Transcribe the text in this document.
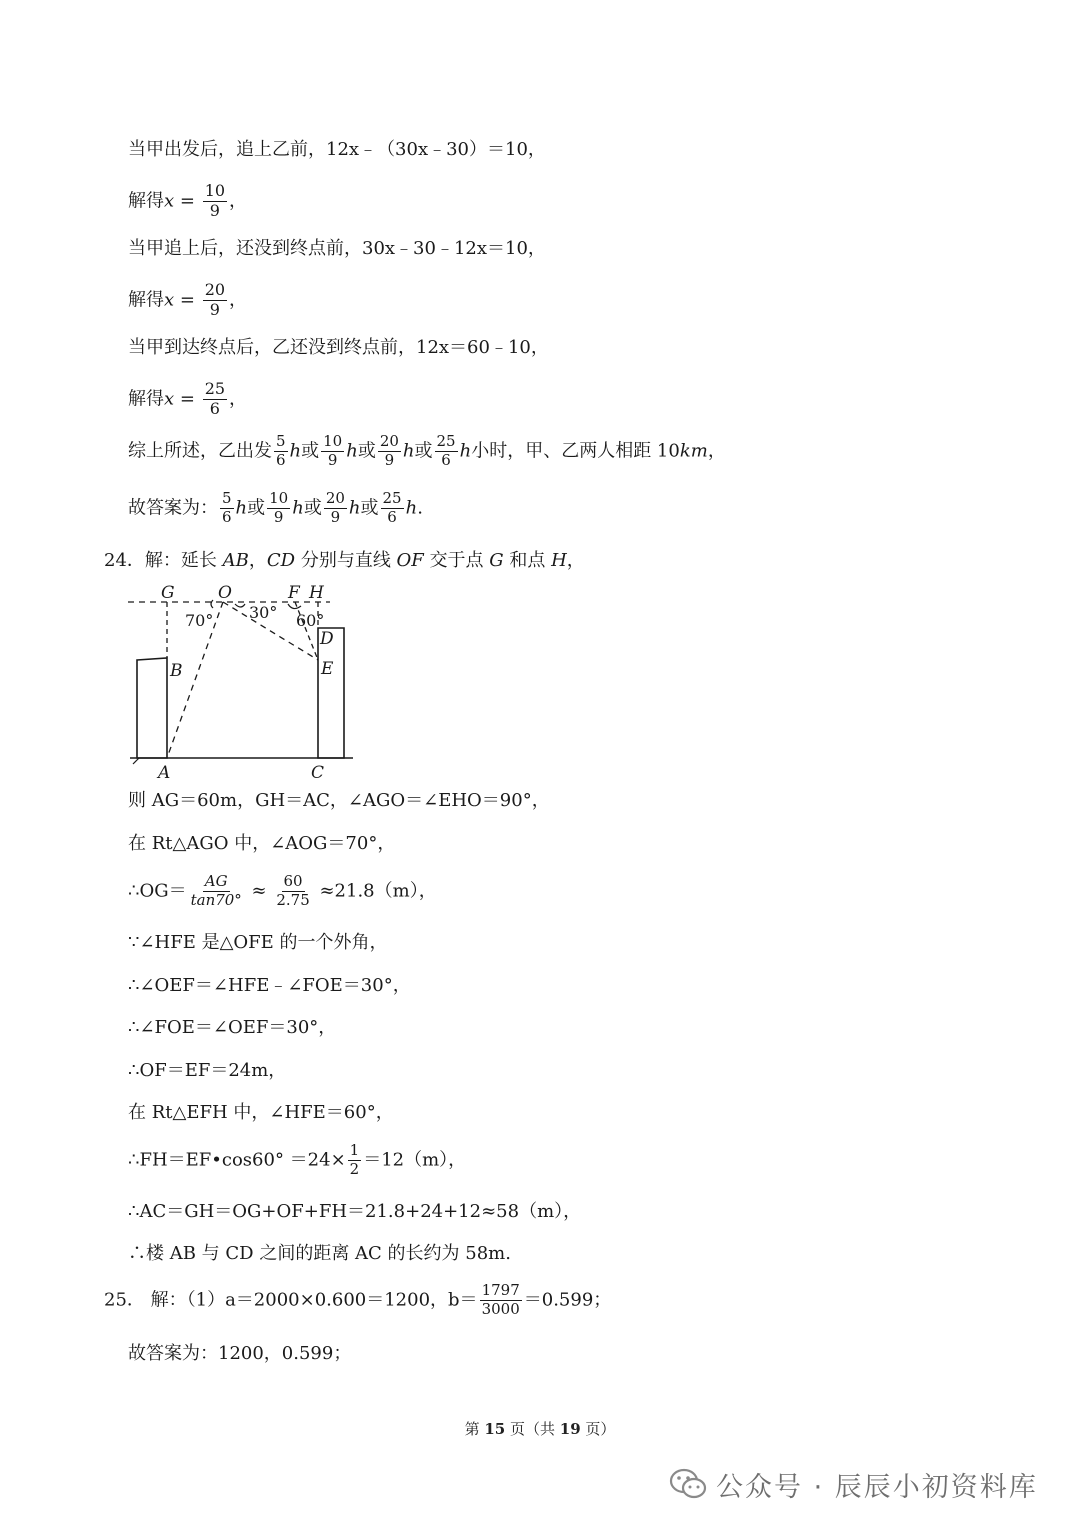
当甲出发后，追上乙前，12x﹣（30x﹣30）＝10，
解得$x = \frac{10}{9}$ ，
当甲追上后，还没到终点前，30x﹣30﹣12x＝10，
解得$x = \frac{20}{9}$ ，
当甲到达终点后，乙还没到终点前，12x＝60﹣10，
解得$x = \frac{25}{6}$ ，
综上所述，乙出发 $\frac{5}{6}$ h或 $\frac{10}{9}$ h或 $\frac{20}{9}$ h或 $\frac{25}{6}$ h小时，甲、乙两人相距 10km，
故答案为： $\frac{5}{6}$ h或 $\frac{10}{9}$ h或 $\frac{20}{9}$ h或 $\frac{25}{6} h$.
24．解：延长 AB，CD 分别与直线 OF 交于点 G 和点 H，
G	O	F H
D
E
B
A	C
70° 30° 60°
则 AG＝60m，GH＝AC，∠AGO＝∠EHO＝90°，
在 Rt△AGO 中，∠AOG＝70°，
∴OG＝ $\frac{AG}{\tan 70^\circ} \approx \frac{60}{2.75} \approx 21.8(m)$，
∵∠HFE 是△OFE 的一个外角，
∴∠OEF＝∠HFE﹣∠FOE＝30°，
∴∠FOE＝∠OEF＝30°，
∴OF＝EF＝24m，
在 Rt△EFH 中，∠HFE＝60°，
∴FH＝EF•cos60° $=24\times \frac{1}{2} =12(m)$，
∴AC＝GH＝OG+OF+FH＝21.8+24+12≈58（m），
∴楼 AB 与 CD 之间的距离 AC 的长约为 58m.
25． 解：（1）a＝2000×0.600＝1200，$b= \frac{1797}{3000} =0.599$；
故答案为：1200，0.599；
第 15 页（共 19 页）
公众号 · 辰辰小初资料库
